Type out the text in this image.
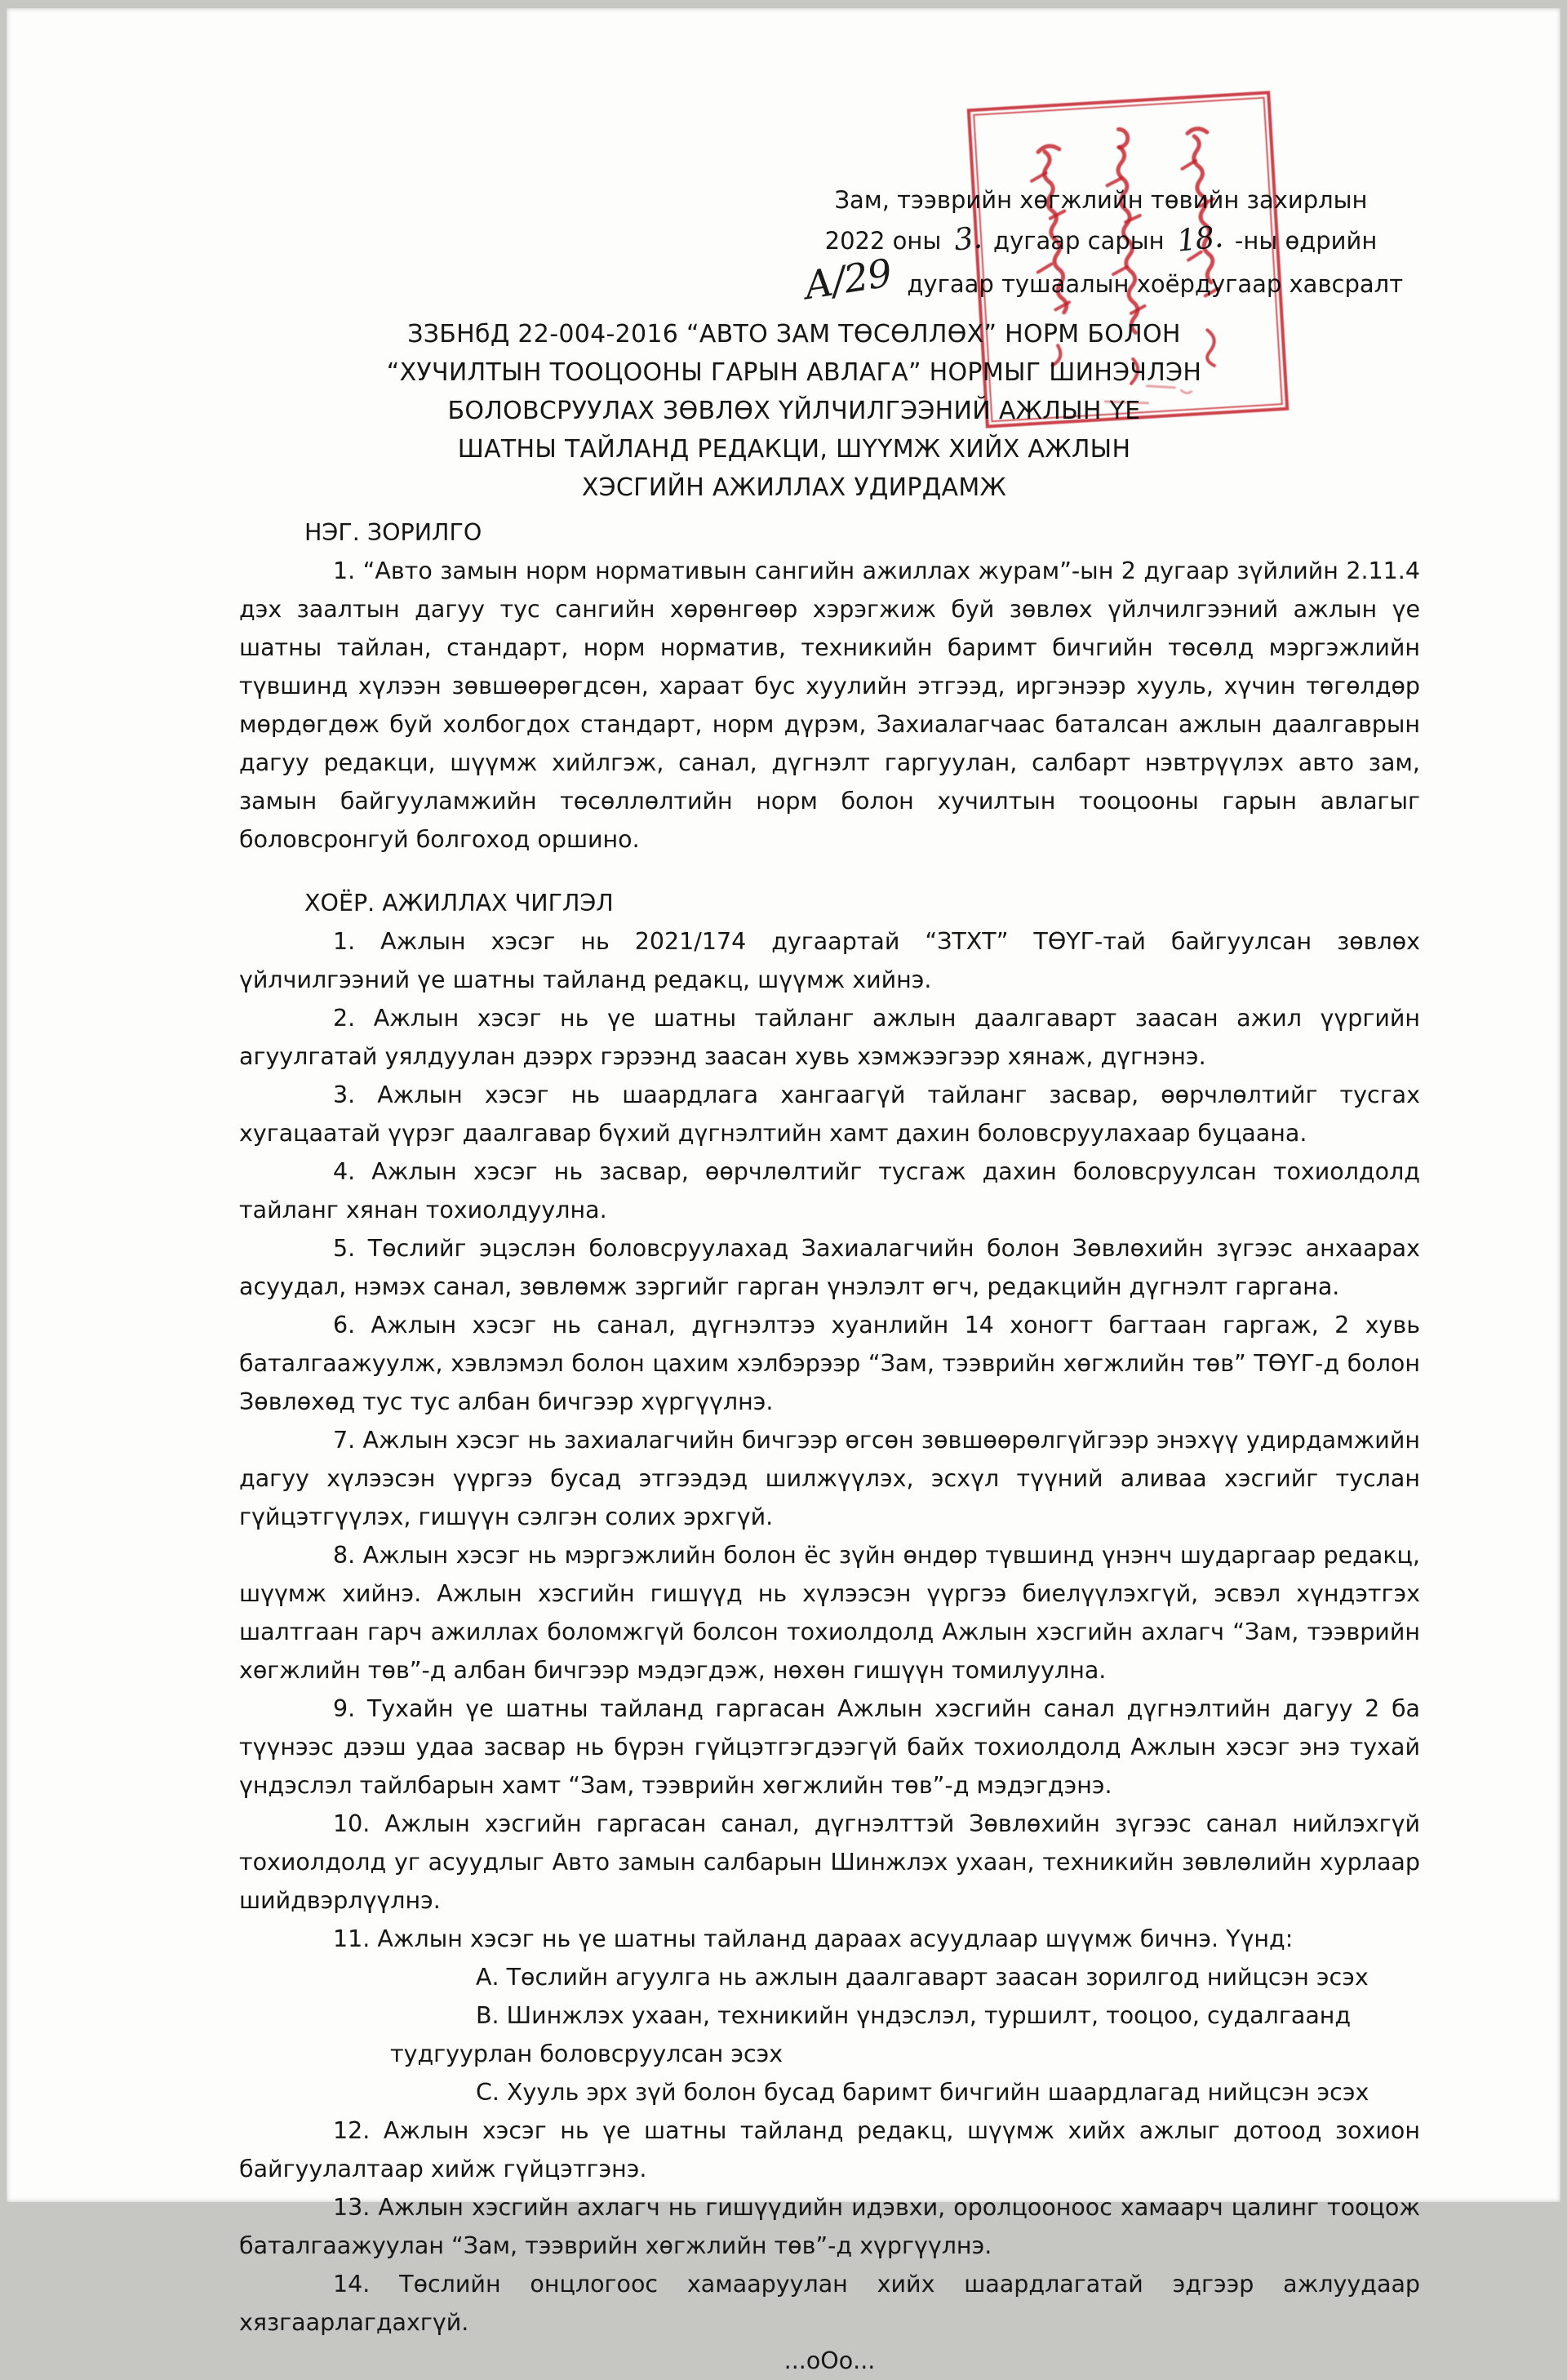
Зам, тээврийн хөгжлийн төвийн захирлын
2022 оны 3. дугаар сарын 18. -ны өдрийн
А/29 дугаар тушаалын хоёрдугаар хавсралт
ЗЗБНбД 22-004-2016 “АВТО ЗАМ ТӨСӨЛЛӨХ” НОРМ БОЛОН
“ХУЧИЛТЫН ТООЦООНЫ ГАРЫН АВЛАГА” НОРМЫГ ШИНЭЧЛЭН
БОЛОВСРУУЛАХ ЗӨВЛӨХ ҮЙЛЧИЛГЭЭНИЙ АЖЛЫН ҮЕ
ШАТНЫ ТАЙЛАНД РЕДАКЦИ, ШҮҮМЖ ХИЙХ АЖЛЫН
ХЭСГИЙН АЖИЛЛАХ УДИРДАМЖ

НЭГ. ЗОРИЛГО

1. “Авто замын норм нормативын сангийн ажиллах журам”-ын 2 дугаар зүйлийн 2.11.4 дэх заалтын дагуу тус сангийн хөрөнгөөр хэрэгжиж буй зөвлөх үйлчилгээний ажлын үе шатны тайлан, стандарт, норм норматив, техникийн баримт бичгийн төсөлд мэргэжлийн түвшинд хүлээн зөвшөөрөгдсөн, хараат бус хуулийн этгээд, иргэнээр хууль, хүчин төгөлдөр мөрдөгдөж буй холбогдох стандарт, норм дүрэм, Захиалагчаас баталсан ажлын даалгаврын дагуу редакци, шүүмж хийлгэж, санал, дүгнэлт гаргуулан, салбарт нэвтрүүлэх авто зам, замын байгууламжийн төсөллөлтийн норм болон хучилтын тооцооны гарын авлагыг боловсронгуй болгоход оршино.

ХОЁР. АЖИЛЛАХ ЧИГЛЭЛ

1. Ажлын хэсэг нь 2021/174 дугаартай “ЗТХТ” ТӨҮГ-тай байгуулсан зөвлөх үйлчилгээний үе шатны тайланд редакц, шүүмж хийнэ.

2. Ажлын хэсэг нь үе шатны тайланг ажлын даалгаварт заасан ажил үүргийн агуулгатай уялдуулан дээрх гэрээнд заасан хувь хэмжээгээр хянаж, дүгнэнэ.

3. Ажлын хэсэг нь шаардлага хангаагүй тайланг засвар, өөрчлөлтийг тусгах хугацаатай үүрэг даалгавар бүхий дүгнэлтийн хамт дахин боловсруулахаар буцаана.

4. Ажлын хэсэг нь засвар, өөрчлөлтийг тусгаж дахин боловсруулсан тохиолдолд тайланг хянан тохиолдуулна.

5. Төслийг эцэслэн боловсруулахад Захиалагчийн болон Зөвлөхийн зүгээс анхаарах асуудал, нэмэх санал, зөвлөмж зэргийг гарган үнэлэлт өгч, редакцийн дүгнэлт гаргана.

6. Ажлын хэсэг нь санал, дүгнэлтээ хуанлийн 14 хоногт багтаан гаргаж, 2 хувь баталгаажуулж, хэвлэмэл болон цахим хэлбэрээр “Зам, тээврийн хөгжлийн төв” ТӨҮГ-д болон Зөвлөхөд тус тус албан бичгээр хүргүүлнэ.

7. Ажлын хэсэг нь захиалагчийн бичгээр өгсөн зөвшөөрөлгүйгээр энэхүү удирдамжийн дагуу хүлээсэн үүргээ бусад этгээдэд шилжүүлэх, эсхүл түүний аливаа хэсгийг туслан гүйцэтгүүлэх, гишүүн сэлгэн солих эрхгүй.

8. Ажлын хэсэг нь мэргэжлийн болон ёс зүйн өндөр түвшинд үнэнч шударгаар редакц, шүүмж хийнэ. Ажлын хэсгийн гишүүд нь хүлээсэн үүргээ биелүүлэхгүй, эсвэл хүндэтгэх шалтгаан гарч ажиллах боломжгүй болсон тохиолдолд Ажлын хэсгийн ахлагч “Зам, тээврийн хөгжлийн төв”-д албан бичгээр мэдэгдэж, нөхөн гишүүн томилуулна.

9. Тухайн үе шатны тайланд гаргасан Ажлын хэсгийн санал дүгнэлтийн дагуу 2 ба түүнээс дээш удаа засвар нь бүрэн гүйцэтгэгдээгүй байх тохиолдолд Ажлын хэсэг энэ тухай үндэслэл тайлбарын хамт “Зам, тээврийн хөгжлийн төв”-д мэдэгдэнэ.

10. Ажлын хэсгийн гаргасан санал, дүгнэлттэй Зөвлөхийн зүгээс санал нийлэхгүй тохиолдолд уг асуудлыг Авто замын салбарын Шинжлэх ухаан, техникийн зөвлөлийн хурлаар шийдвэрлүүлнэ.

11. Ажлын хэсэг нь үе шатны тайланд дараах асуудлаар шүүмж бичнэ. Үүнд:

А. Төслийн агуулга нь ажлын даалгаварт заасан зорилгод нийцсэн эсэх

В. Шинжлэх ухаан, техникийн үндэслэл, туршилт, тооцоо, судалгаанд тудгуурлан боловсруулсан эсэх

С. Хууль эрх зүй болон бусад баримт бичгийн шаардлагад нийцсэн эсэх

12. Ажлын хэсэг нь үе шатны тайланд редакц, шүүмж хийх ажлыг дотоод зохион байгуулалтаар хийж гүйцэтгэнэ.

13. Ажлын хэсгийн ахлагч нь гишүүдийн идэвхи, оролцооноос хамаарч цалинг тооцож баталгаажуулан “Зам, тээврийн хөгжлийн төв”-д хүргүүлнэ.

14. Төслийн онцлогоос хамааруулан хийх шаардлагатай эдгээр ажлуудаар хязгаарлагдахгүй.

...оОо...
